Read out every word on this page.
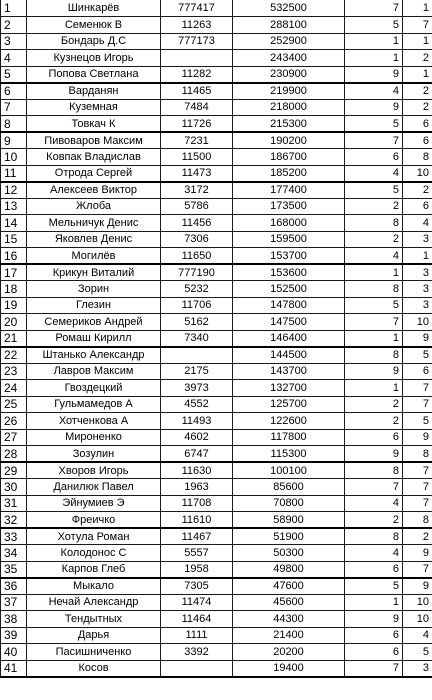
1	Шинкарёв	777417	532500	7	1
2	Семенюк В	11263	288100	5	7
3	Бондарь Д.С	777173	252900	1	1
4	Кузнецов Игорь		243400	1	2
5	Попова Светлана	11282	230900	9	1
6	Варданян	11465	219900	4	2
7	Куземная	7484	218000	9	2
8	Товкач К	11726	215300	5	6
9	Пивоваров Максим	7231	190200	7	6
10	Ковпак Владислав	11500	186700	6	8
11	Отрода Сергей	11473	185200	4	10
12	Алексеев Виктор	3172	177400	5	2
13	Жлоба	5786	173500	2	6
14	Мельничук Денис	11456	168000	8	4
15	Яковлев Денис	7306	159500	2	3
16	Могилёв	11650	153700	4	1
17	Крикун Виталий	777190	153600	1	3
18	Зорин	5232	152500	8	3
19	Глезин	11706	147800	5	3
20	Семериков Андрей	5162	147500	7	10
21	Ромаш Кирилл	7340	146400	1	9
22	Штанько Александр		144500	8	5
23	Лавров Максим	2175	143700	9	6
24	Гвоздецкий	3973	132700	1	7
25	Гульмамедов А	4552	125700	2	7
26	Хотченкова А	11493	122600	2	5
27	Мироненко	4602	117800	6	9
28	Зозулин	6747	115300	9	8
29	Хворов Игорь	11630	100100	8	7
30	Данилюк Павел	1963	85600	7	7
31	Эйнумиев Э	11708	70800	4	7
32	Фреичко	11610	58900	2	8
33	Хотула Роман	11467	51900	8	2
34	Колодонос С	5557	50300	4	9
35	Карпов Глеб	1958	49800	6	7
36	Мыкало	7305	47600	5	9
37	Нечай Александр	11474	45600	1	10
38	Тендытных	11464	44300	9	10
39	Дарья	1111	21400	6	4
40	Пасишниченко	3392	20200	6	5
41	Косов		19400	7	3
